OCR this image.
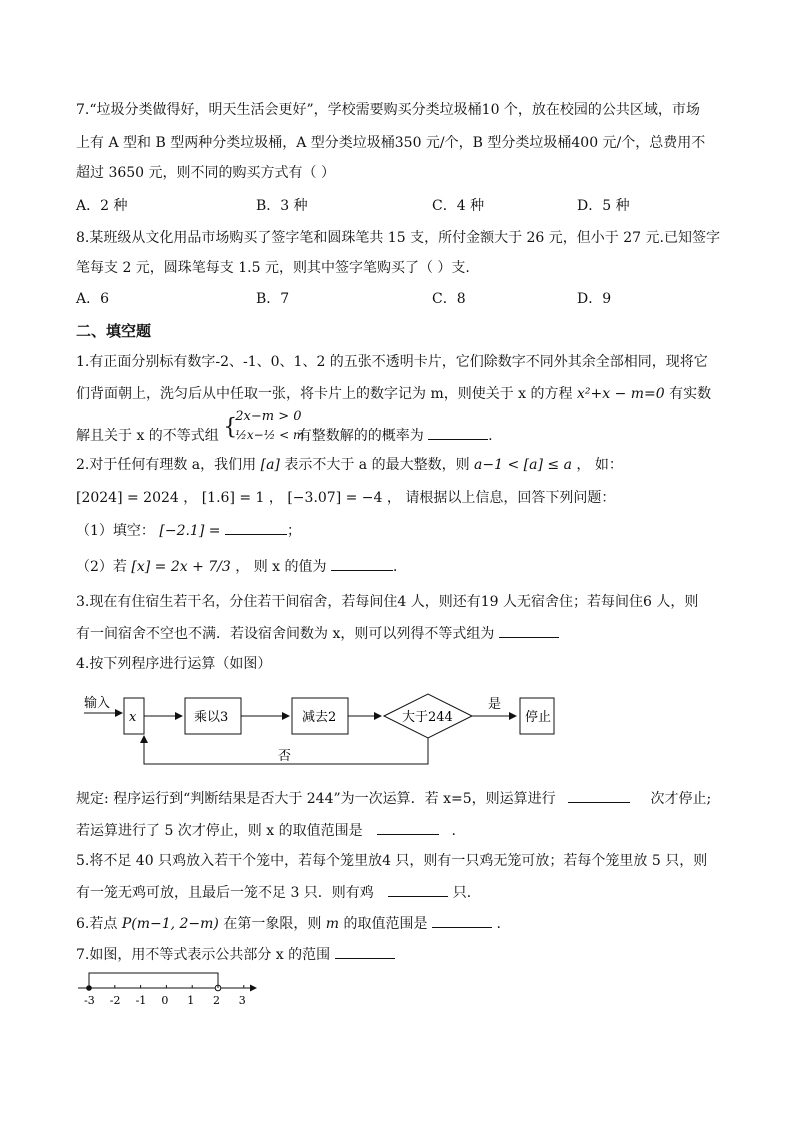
7.“垃圾分类做得好，明天生活会更好”，学校需要购买分类垃圾桶10 个，放在校园的公共区域，市场
上有 A 型和 B 型两种分类垃圾桶，A 型分类垃圾桶350 元/个，B 型分类垃圾桶400 元/个，总费用不
超过 3650 元，则不同的购买方式有（ ）
A．2 种	B．3 种	C．4 种	D．5 种
8.某班级从文化用品市场购买了签字笔和圆珠笔共 15 支，所付金额大于 26 元，但小于 27 元.已知签字
笔每支 2 元，圆珠笔每支 1.5 元，则其中签字笔购买了（ ）支.
A．6	B．7	C．8	D．9
二、填空题
1.有正面分别标有数字-2、-1、0、1、2 的五张不透明卡片，它们除数字不同外其余全部相同，现将它
们背面朝上，洗匀后从中任取一张，将卡片上的数字记为 m，则使关于 x 的方程 x²+x − m=0 有实数
解且关于 x 的不等式组 {
2x−m > 0
½x−½ < m
有整数解的的概率为	.
2.对于任何有理数 a，我们用 [a] 表示不大于 a 的最大整数，则 a−1 < [a] ≤ a ， 如：
[2024] = 2024 ， [1.6] = 1 ， [−3.07] = −4 ， 请根据以上信息，回答下列问题：
（1）填空： [−2.1] =	；
（2）若 [x] = 2x + 7/3 ， 则 x 的值为	．
3.现在有住宿生若干名，分住若干间宿舍，若每间住4 人，则还有19 人无宿舍住；若每间住6 人，则
有一间宿舍不空也不满．若设宿舍间数为 x，则可以列得不等式组为
4.按下列程序进行运算（如图）
输入
x	乘以3	减去2	大于244
是
停止
否
规定: 程序运行到“判断结果是否大于 244”为一次运算．若 x=5，则运算进行	次才停止;
若运算进行了 5 次才停止，则 x 的取值范围是	.
5.将不足 40 只鸡放入若干个笼中，若每个笼里放4 只，则有一只鸡无笼可放；若每个笼里放 5 只，则
有一笼无鸡可放，且最后一笼不足 3 只．则有鸡	只．
6.若点 P(m−1, 2−m) 在第一象限，则 m 的取值范围是	.
7.如图，用不等式表示公共部分 x 的范围
-3 -2 -1 0 1 2 3
